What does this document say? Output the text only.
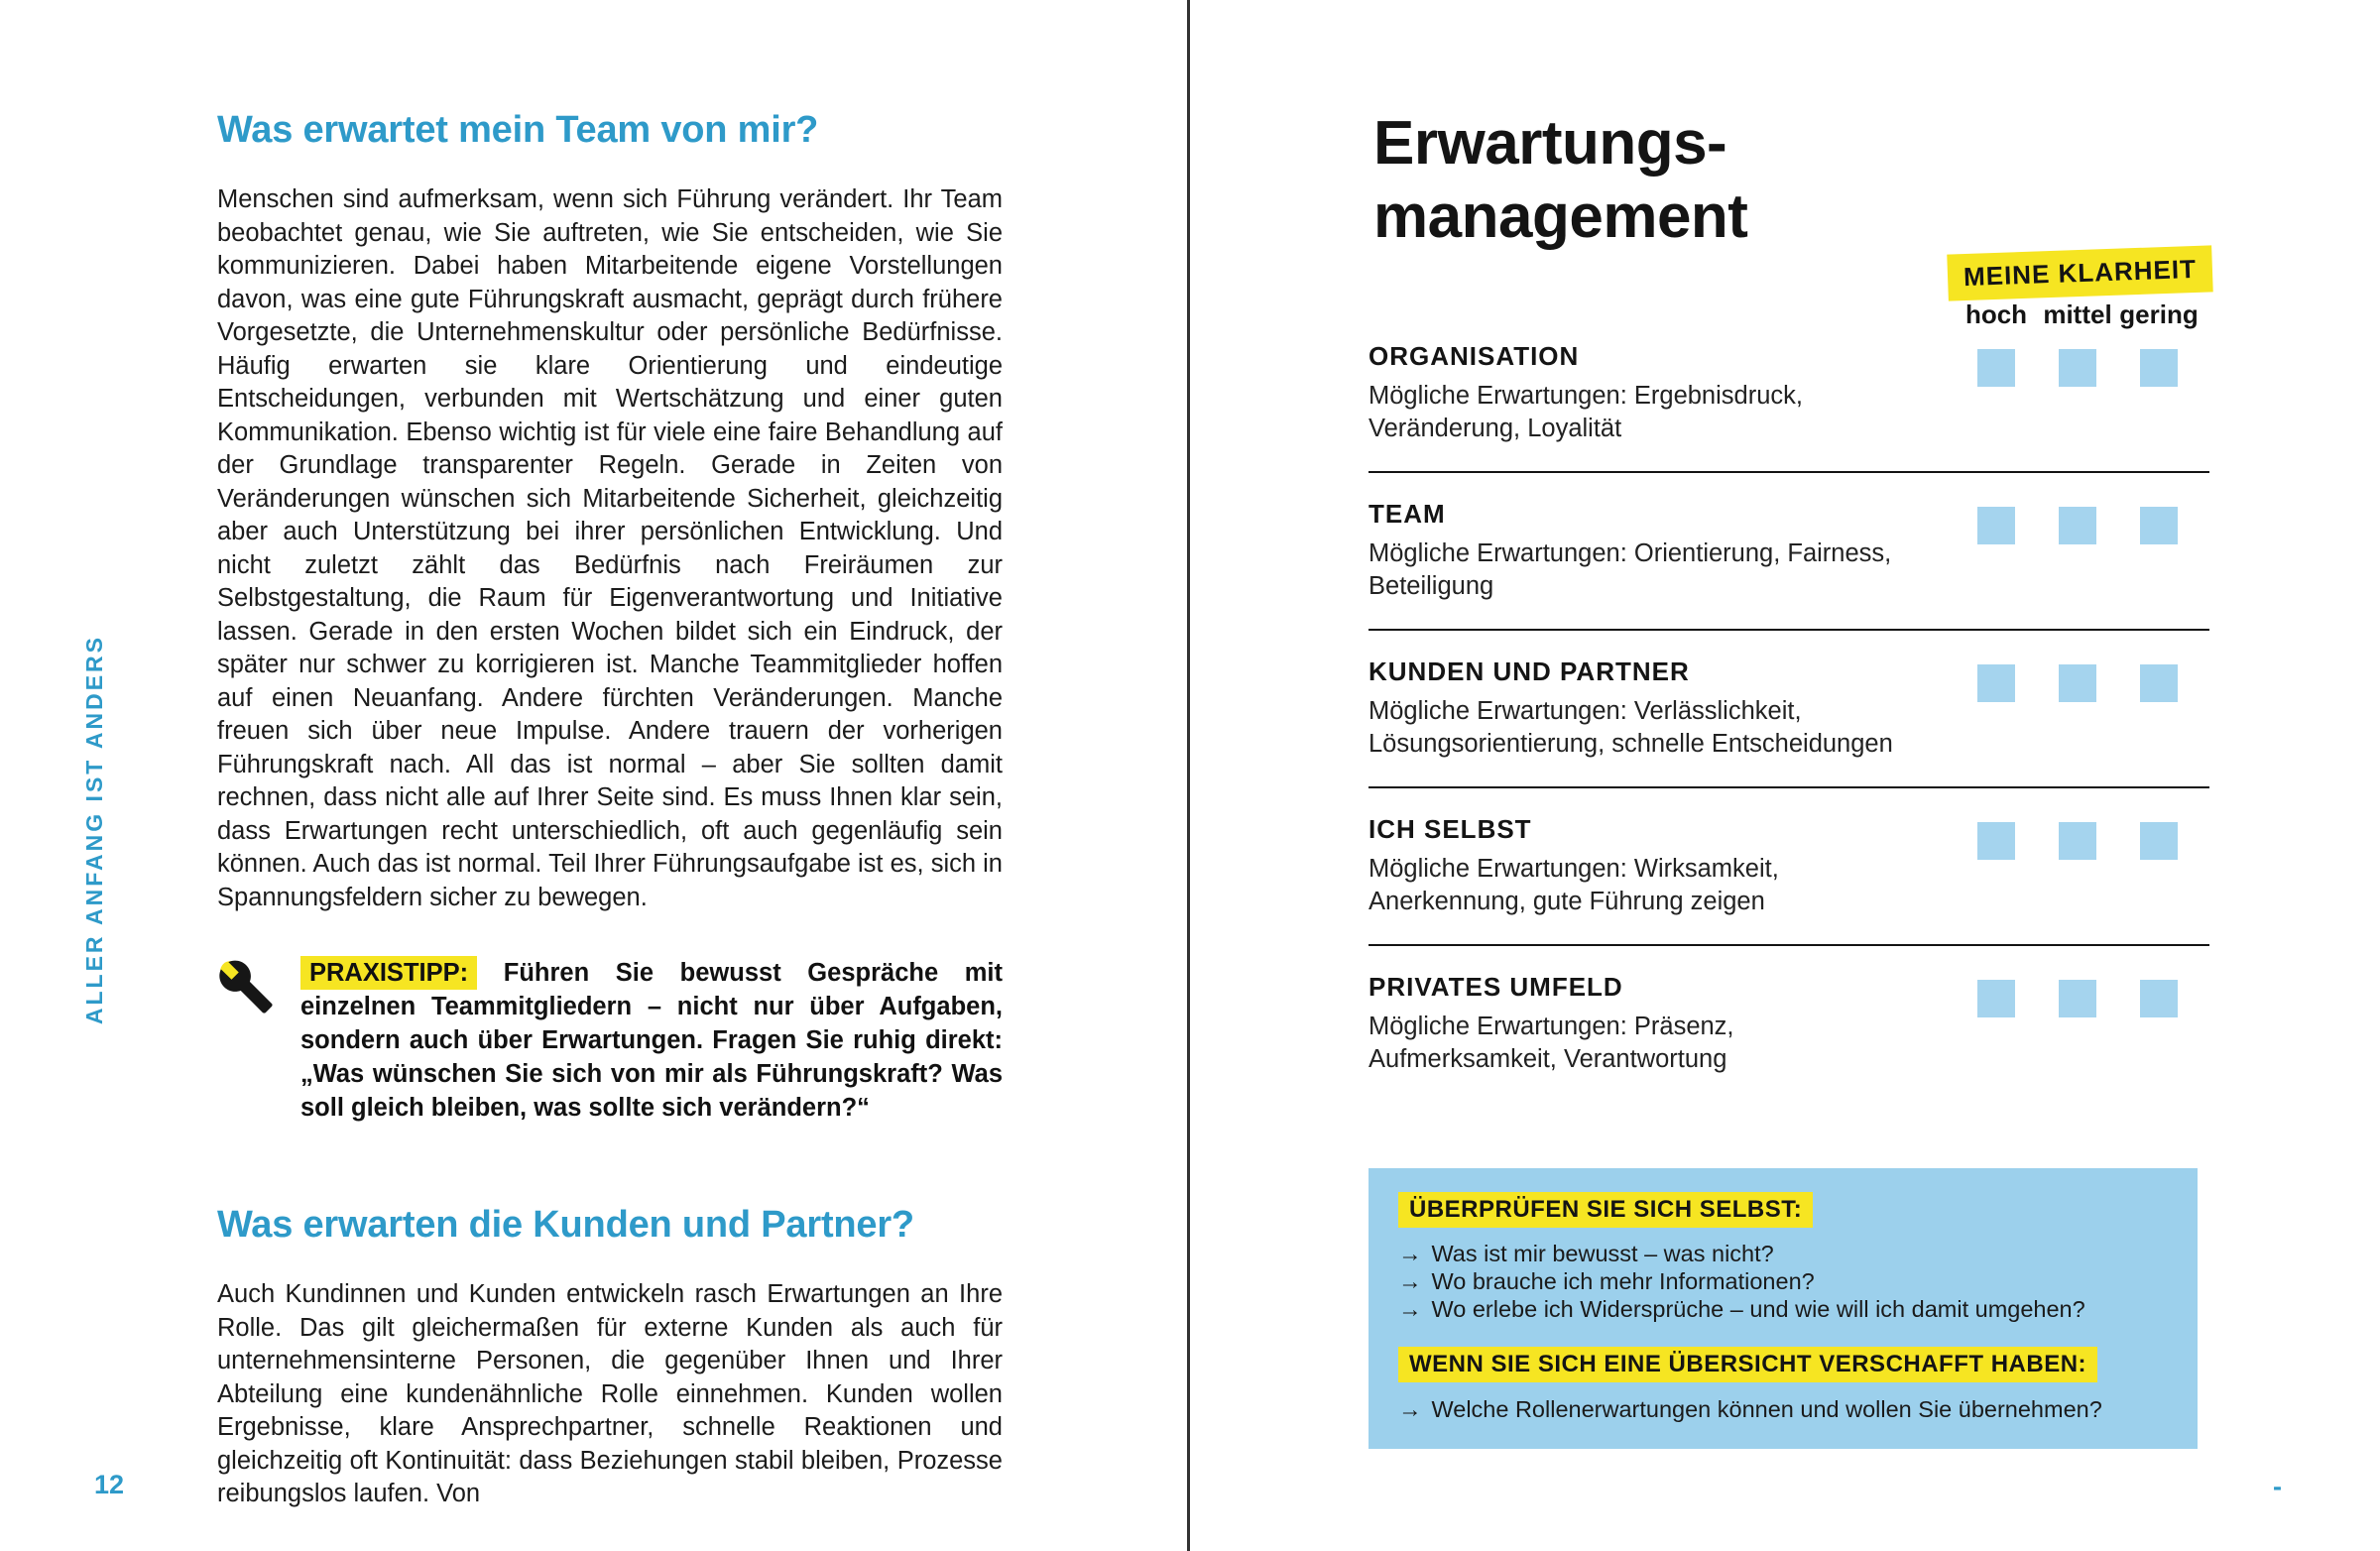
ALLER ANFANG IST ANDERS
Was erwartet mein Team von mir?

Menschen sind aufmerksam, wenn sich Führung verändert. Ihr Team beobachtet genau, wie Sie auftreten, wie Sie entscheiden, wie Sie kommunizieren. Dabei haben Mitarbeitende eigene Vorstellungen davon, was eine gute Führungskraft ausmacht, geprägt durch frühere Vorgesetzte, die Unternehmenskultur oder persönliche Bedürfnisse. Häufig erwarten sie klare Orientierung und eindeutige Entscheidungen, verbunden mit Wertschätzung und einer guten Kommunikation. Ebenso wichtig ist für viele eine faire Behandlung auf der Grundlage transparenter Regeln. Gerade in Zeiten von Veränderungen wünschen sich Mitarbeitende Sicherheit, gleichzeitig aber auch Unterstützung bei ihrer persönlichen Entwicklung. Und nicht zuletzt zählt das Bedürfnis nach Freiräumen zur Selbstgestaltung, die Raum für Eigenverantwortung und Initiative lassen. Gerade in den ersten Wochen bildet sich ein Eindruck, der später nur schwer zu korrigieren ist. Manche Teammitglieder hoffen auf einen Neuanfang. Andere fürchten Veränderungen. Manche freuen sich über neue Impulse. Andere trauern der vorherigen Führungskraft nach. All das ist normal – aber Sie sollten damit rechnen, dass nicht alle auf Ihrer Seite sind. Es muss Ihnen klar sein, dass Erwartungen recht unterschiedlich, oft auch gegenläufig sein können. Auch das ist normal. Teil Ihrer Führungsaufgabe ist es, sich in Spannungsfeldern sicher zu bewegen.

PRAXISTIPP: Führen Sie bewusst Gespräche mit einzelnen Teammitgliedern – nicht nur über Aufgaben, sondern auch über Erwartungen. Fragen Sie ruhig direkt: „Was wünschen Sie sich von mir als Führungskraft? Was soll gleich bleiben, was sollte sich verändern?“
Was erwarten die Kunden und Partner?

Auch Kundinnen und Kunden entwickeln rasch Erwartungen an Ihre Rolle. Das gilt gleichermaßen für externe Kunden als auch für unternehmensinterne Personen, die gegenüber Ihnen und Ihrer Abteilung eine kundenähnliche Rolle einnehmen. Kunden wollen Ergebnisse, klare Ansprechpartner, schnelle Reaktionen und gleichzeitig oft Kontinuität: dass Beziehungen stabil bleiben, Prozesse reibungslos laufen. Von

12
Erwartungs-
management
MEINE KLARHEIT
hoch mittel gering
ORGANISATION
Mögliche Erwartungen: Ergebnisdruck, Veränderung, Loyalität
TEAM
Mögliche Erwartungen: Orientierung, Fairness, Beteiligung
KUNDEN UND PARTNER
Mögliche Erwartungen: Verlässlichkeit, Lösungsorientierung, schnelle Entscheidungen
ICH SELBST
Mögliche Erwartungen: Wirksamkeit, Anerkennung, gute Führung zeigen
PRIVATES UMFELD
Mögliche Erwartungen: Präsenz, Aufmerksamkeit, Verantwortung
ÜBERPRÜFEN SIE SICH SELBST:
→ Was ist mir bewusst – was nicht?
→ Wo brauche ich mehr Informationen?
→ Wo erlebe ich Widersprüche – und wie will ich damit umgehen?
WENN SIE SICH EINE ÜBERSICHT VERSCHAFFT HABEN:
→ Welche Rollenerwartungen können und wollen Sie übernehmen?
-
